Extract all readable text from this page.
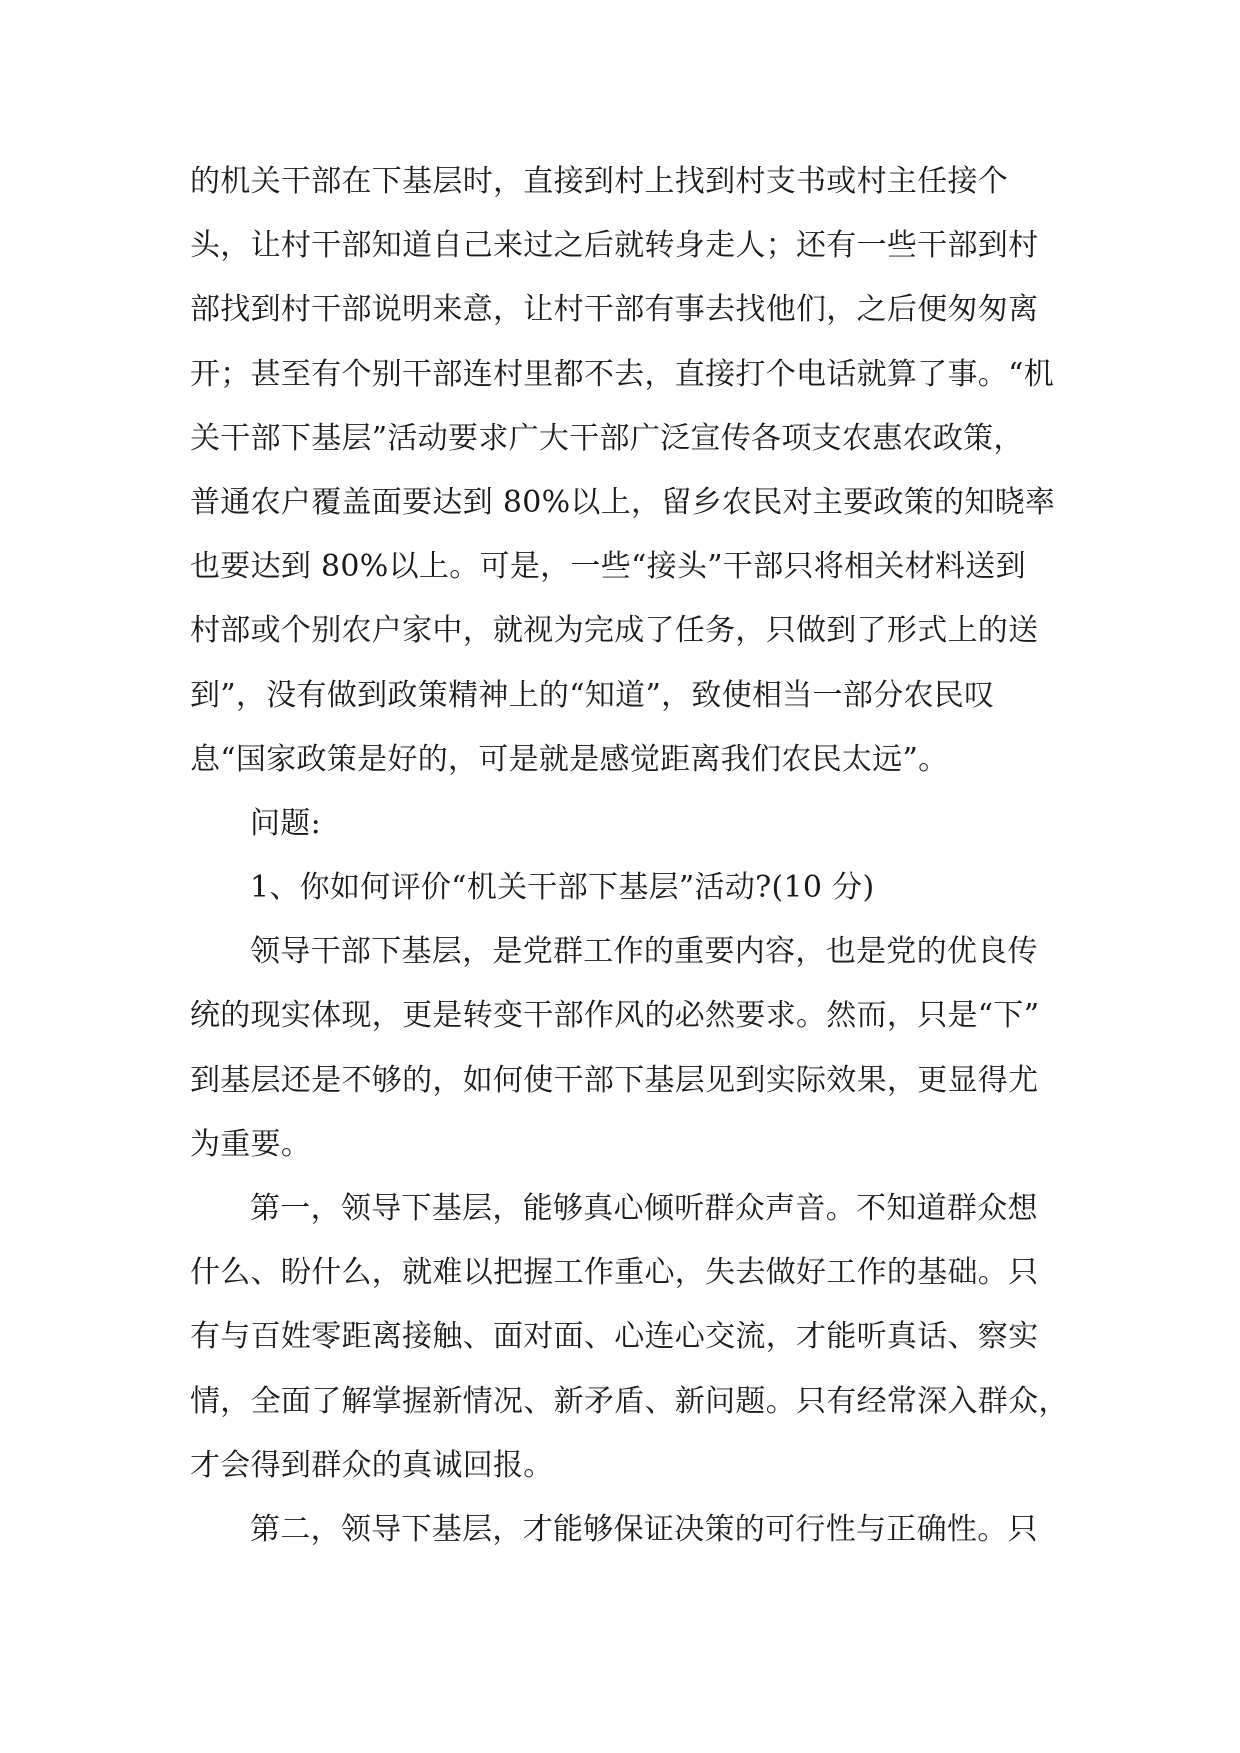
的机关干部在下基层时，直接到村上找到村支书或村主任接个
头，让村干部知道自己来过之后就转身走人；还有一些干部到村
部找到村干部说明来意，让村干部有事去找他们，之后便匆匆离
开；甚至有个别干部连村里都不去，直接打个电话就算了事。“机
关干部下基层”活动要求广大干部广泛宣传各项支农惠农政策，
普通农户覆盖面要达到 80%以上，留乡农民对主要政策的知晓率
也要达到 80%以上。可是，一些“接头”干部只将相关材料送到
村部或个别农户家中，就视为完成了任务，只做到了形式上的送
到”，没有做到政策精神上的“知道”，致使相当一部分农民叹
息“国家政策是好的，可是就是感觉距离我们农民太远”。
问题:
1、你如何评价“机关干部下基层”活动?(10 分)
领导干部下基层，是党群工作的重要内容，也是党的优良传
统的现实体现，更是转变干部作风的必然要求。然而，只是“下”
到基层还是不够的，如何使干部下基层见到实际效果，更显得尤
为重要。
第一，领导下基层，能够真心倾听群众声音。不知道群众想
什么、盼什么，就难以把握工作重心，失去做好工作的基础。只
有与百姓零距离接触、面对面、心连心交流，才能听真话、察实
情，全面了解掌握新情况、新矛盾、新问题。只有经常深入群众，
才会得到群众的真诚回报。
第二，领导下基层，才能够保证决策的可行性与正确性。只
